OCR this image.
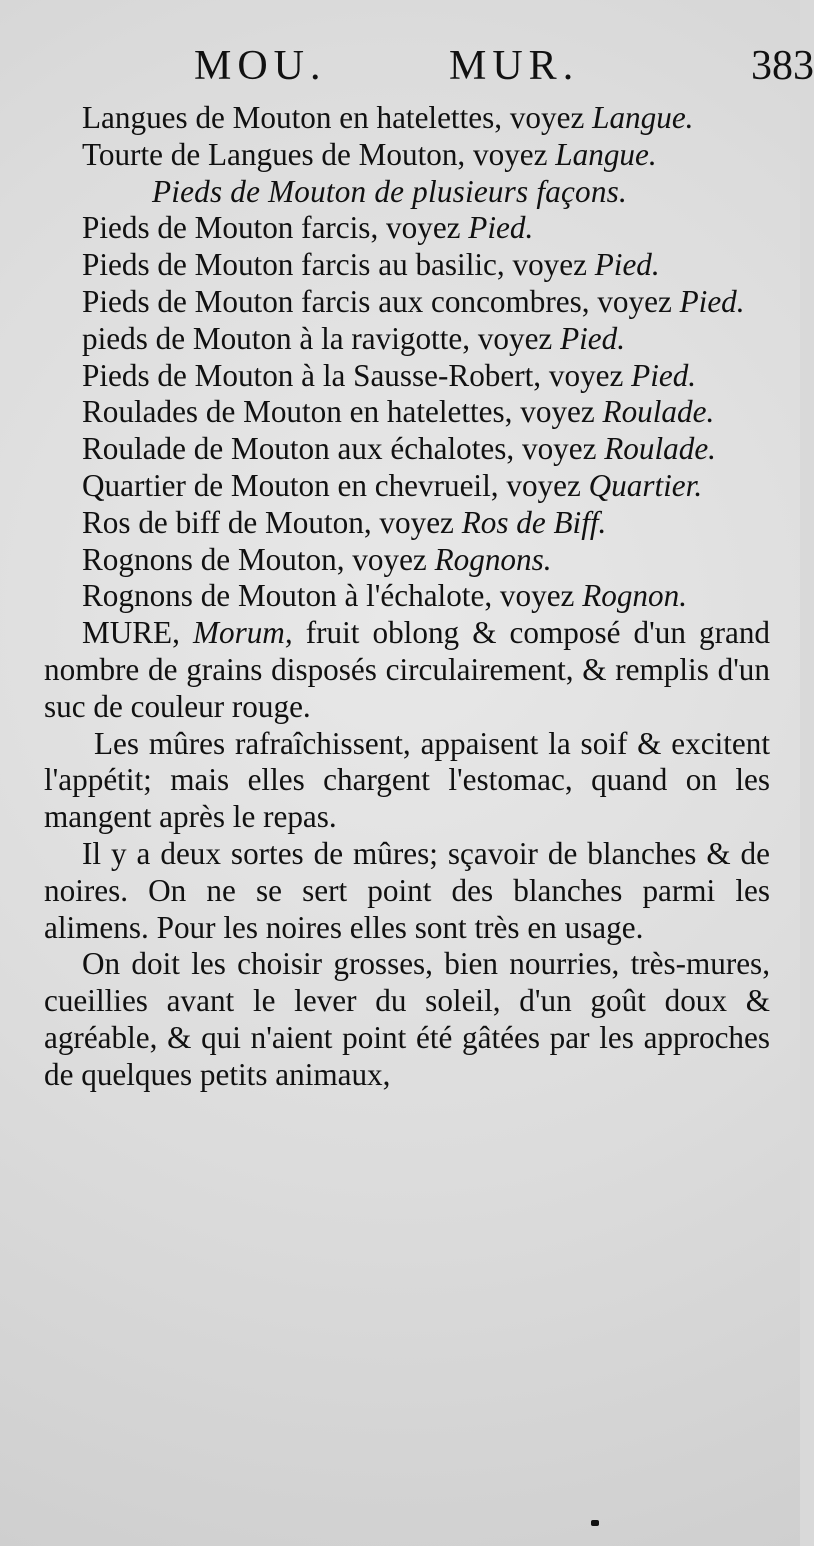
MOU.	MUR.	383

Langues de Mouton en hatelettes, voyez Langue.

Tourte de Langues de Mouton, voyez Langue.

Pieds de Mouton de plusieurs façons.

Pieds de Mouton farcis, voyez Pied.

Pieds de Mouton farcis au basilic, voyez Pied.

Pieds de Mouton farcis aux concombres, voyez Pied.

pieds de Mouton à la ravigotte, voyez Pied.

Pieds de Mouton à la Sausse-Robert, voyez Pied.

Roulades de Mouton en hatelettes, voyez Roulade.

Roulade de Mouton aux échalotes, voyez Roulade.

Quartier de Mouton en chevrueil, voyez Quartier.

Ros de biff de Mouton, voyez Ros de Biff.

Rognons de Mouton, voyez Rognons.

Rognons de Mouton à l'échalote, voyez Rognon.

MURE, Morum, fruit oblong & composé d'un grand nombre de grains disposés circulairement, & remplis d'un suc de couleur rouge.

Les mûres rafraîchissent, appaisent la soif & excitent l'appétit; mais elles chargent l'estomac, quand on les mangent après le repas.

Il y a deux sortes de mûres; sçavoir de blanches & de noires. On ne se sert point des blanches parmi les alimens. Pour les noires elles sont très en usage.

On doit les choisir grosses, bien nourries, très-mures, cueillies avant le lever du soleil, d'un goût doux & agréable, & qui n'aient point été gâtées par les approches de quelques petits animaux,
